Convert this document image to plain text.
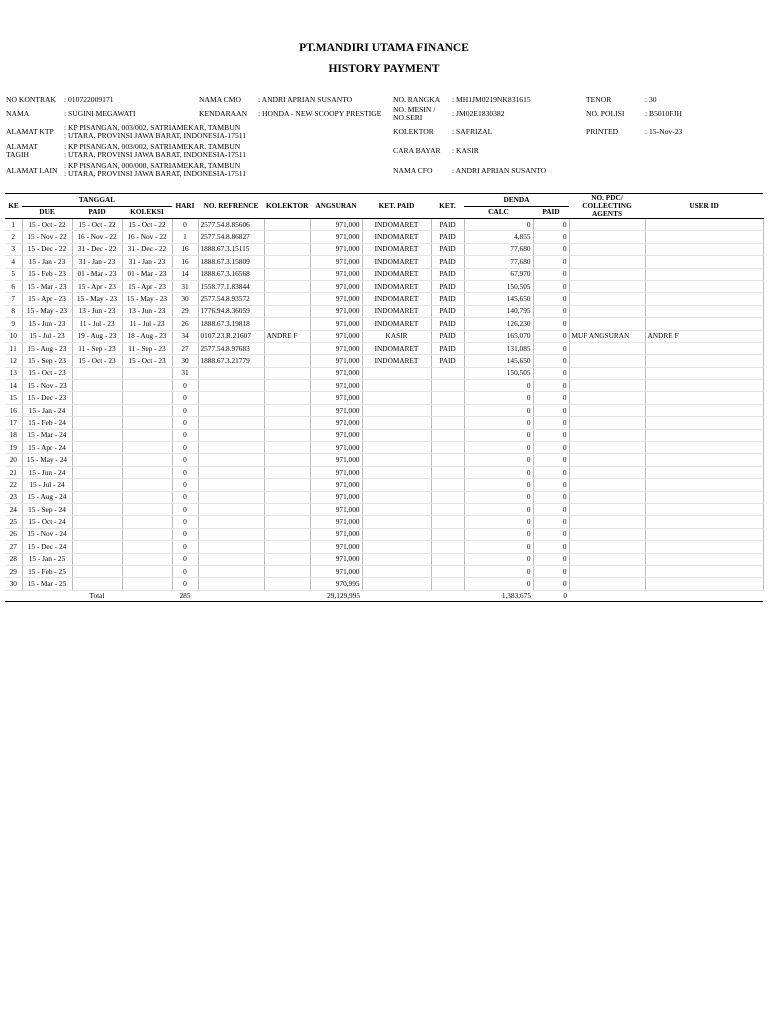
PT.MANDIRI UTAMA FINANCE
HISTORY PAYMENT
NO KONTRAK : 010722009171
NAMA	: SUGINI MEGAWATI
ALAMAT KTP : KP PISANGAN, 003/002, SATRIAMEKAR, TAMBUN
: UTARA, PROVINSI JAWA BARAT, INDONESIA-17511
ALAMAT
TAGIH
: KP PISANGAN, 003/002, SATRIAMEKAR, TAMBUN
: UTARA, PROVINSI JAWA BARAT, INDONESIA-17511
ALAMAT LAIN
: KP PISANGAN, 000/000, SATRIAMEKAR, TAMBUN
: UTARA, PROVINSI JAWA BARAT, INDONESIA-17511
NAMA CMO : ANDRI APRIAN SUSANTO
KENDARAAN : HONDA - NEW SCOOPY PRESTIGE
NO. RANGKA : MH1JM0219NK831615
NO. MESIN /
NO.SERI	: JM02E1830382
KOLEKTOR : SAFRIZAL
CARA BAYAR : KASIR
NAMA CFO	: ANDRI APRIAN SUSANTO
TENOR	: 30
NO. POLISI	: B5010FJH
PRINTED	: 15-Nov-23
KE	TANGGAL			HARI	NO. REFRENCE	KOLEKTOR	ANGSURAN	KET. PAID	KET.	DENDA		NO. PDC/
COLLECTING
AGENTS	USER ID
	DUE	PAID	KOLEKSI							CALC	PAID		
1	15 - Oct - 22	15 - Oct - 22	15 - Oct - 22	0	2577.54.8.85606		971,000	INDOMARET	PAID	0	0		
2	15 - Nov - 22	16 - Nov - 22	16 - Nov - 22	1	2577.54.8.86827		971,000	INDOMARET	PAID	4,855	0		
3	15 - Dec - 22	31 - Dec - 22	31 - Dec - 22	16	1888.67.3.15115		971,000	INDOMARET	PAID	77,680	0		
4	15 - Jan - 23	31 - Jan - 23	31 - Jan - 23	16	1888.67.3.15809		971,000	INDOMARET	PAID	77,680	0		
5	15 - Feb - 23	01 - Mar - 23	01 - Mar - 23	14	1888.67.3.16568		971,000	INDOMARET	PAID	67,970	0		
6	15 - Mar - 23	15 - Apr - 23	15 - Apr - 23	31	1558.77.1.83844		971,000	INDOMARET	PAID	150,505	0		
7	15 - Apr - 23	15 - May - 23	15 - May - 23	30	2577.54.8.93572		971,000	INDOMARET	PAID	145,650	0		
8	15 - May - 23	13 - Jun - 23	13 - Jun - 23	29	1776.94.8.36059		971,000	INDOMARET	PAID	140,795	0		
9	15 - Jun - 23	11 - Jul - 23	11 - Jul - 23	26	1888.67.3.19818		971,000	INDOMARET	PAID	126,230	0		
10	15 - Jul - 23	19 - Aug - 23	18 - Aug - 23	34	0107.23.R.21607	ANDRE F	971,000	KASIR	PAID	165,070	0	MUF ANGSURAN	ANDRE F
11	15 - Aug - 23	11 - Sep - 23	11 - Sep - 23	27	2577.54.8.97683		971,000	INDOMARET	PAID	131,085	0		
12	15 - Sep - 23	15 - Oct - 23	15 - Oct - 23	30	1888.67.3.21779		971,000	INDOMARET	PAID	145,650	0		
13	15 - Oct - 23			31			971,000			150,505	0		
14	15 - Nov - 23			0			971,000			0	0		
15	15 - Dec - 23			0			971,000			0	0		
16	15 - Jan - 24			0			971,000			0	0		
17	15 - Feb - 24			0			971,000			0	0		
18	15 - Mar - 24			0			971,000			0	0		
19	15 - Apr - 24			0			971,000			0	0		
20	15 - May - 24			0			971,000			0	0		
21	15 - Jun - 24			0			971,000			0	0		
22	15 - Jul - 24			0			971,000			0	0		
23	15 - Aug - 24			0			971,000			0	0		
24	15 - Sep - 24			0			971,000			0	0		
25	15 - Oct - 24			0			971,000			0	0		
26	15 - Nov - 24			0			971,000			0	0		
27	15 - Dec - 24			0			971,000			0	0		
28	15 - Jan - 25			0			971,000			0	0		
29	15 - Feb - 25			0			971,000			0	0		
30	15 - Mar - 25			0			970,995			0	0		
		Total		285			29,129,995			1,383,675	0		
